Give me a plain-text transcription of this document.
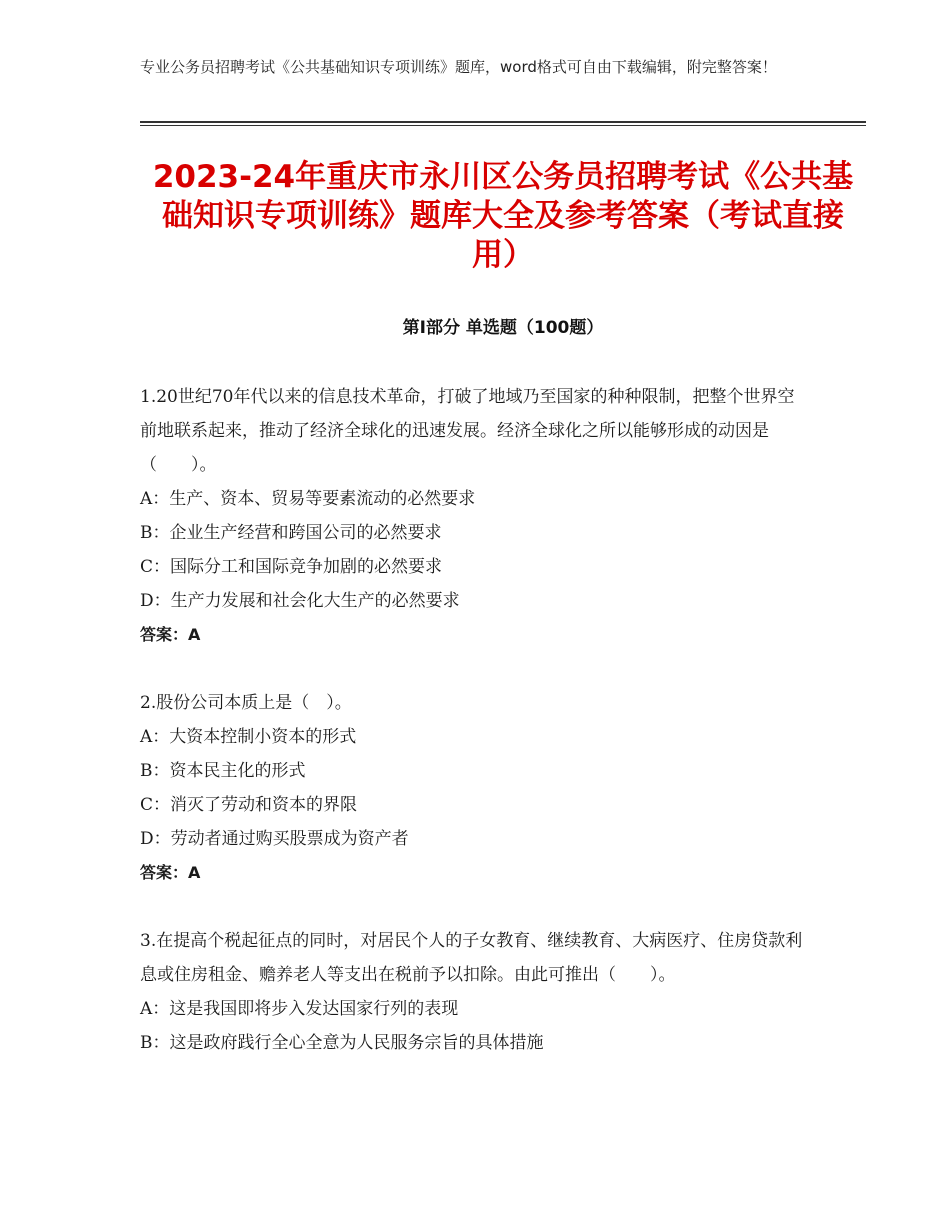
专业公务员招聘考试《公共基础知识专项训练》题库，word格式可自由下载编辑，附完整答案！
2023-24年重庆市永川区公务员招聘考试《公共基础知识专项训练》题库大全及参考答案（考试直接用）
第Ⅰ部分 单选题（100题）
1.20世纪70年代以来的信息技术革命，打破了地域乃至国家的种种限制，把整个世界空前地联系起来，推动了经济全球化的迅速发展。经济全球化之所以能够形成的动因是（　　）。
A：生产、资本、贸易等要素流动的必然要求
B：企业生产经营和跨国公司的必然要求
C：国际分工和国际竞争加剧的必然要求
D：生产力发展和社会化大生产的必然要求
答案：A
2.股份公司本质上是（　）。
A：大资本控制小资本的形式
B：资本民主化的形式
C：消灭了劳动和资本的界限
D：劳动者通过购买股票成为资产者
答案：A
3.在提高个税起征点的同时，对居民个人的子女教育、继续教育、大病医疗、住房贷款利息或住房租金、赡养老人等支出在税前予以扣除。由此可推出（　　）。
A：这是我国即将步入发达国家行列的表现
B：这是政府践行全心全意为人民服务宗旨的具体措施
